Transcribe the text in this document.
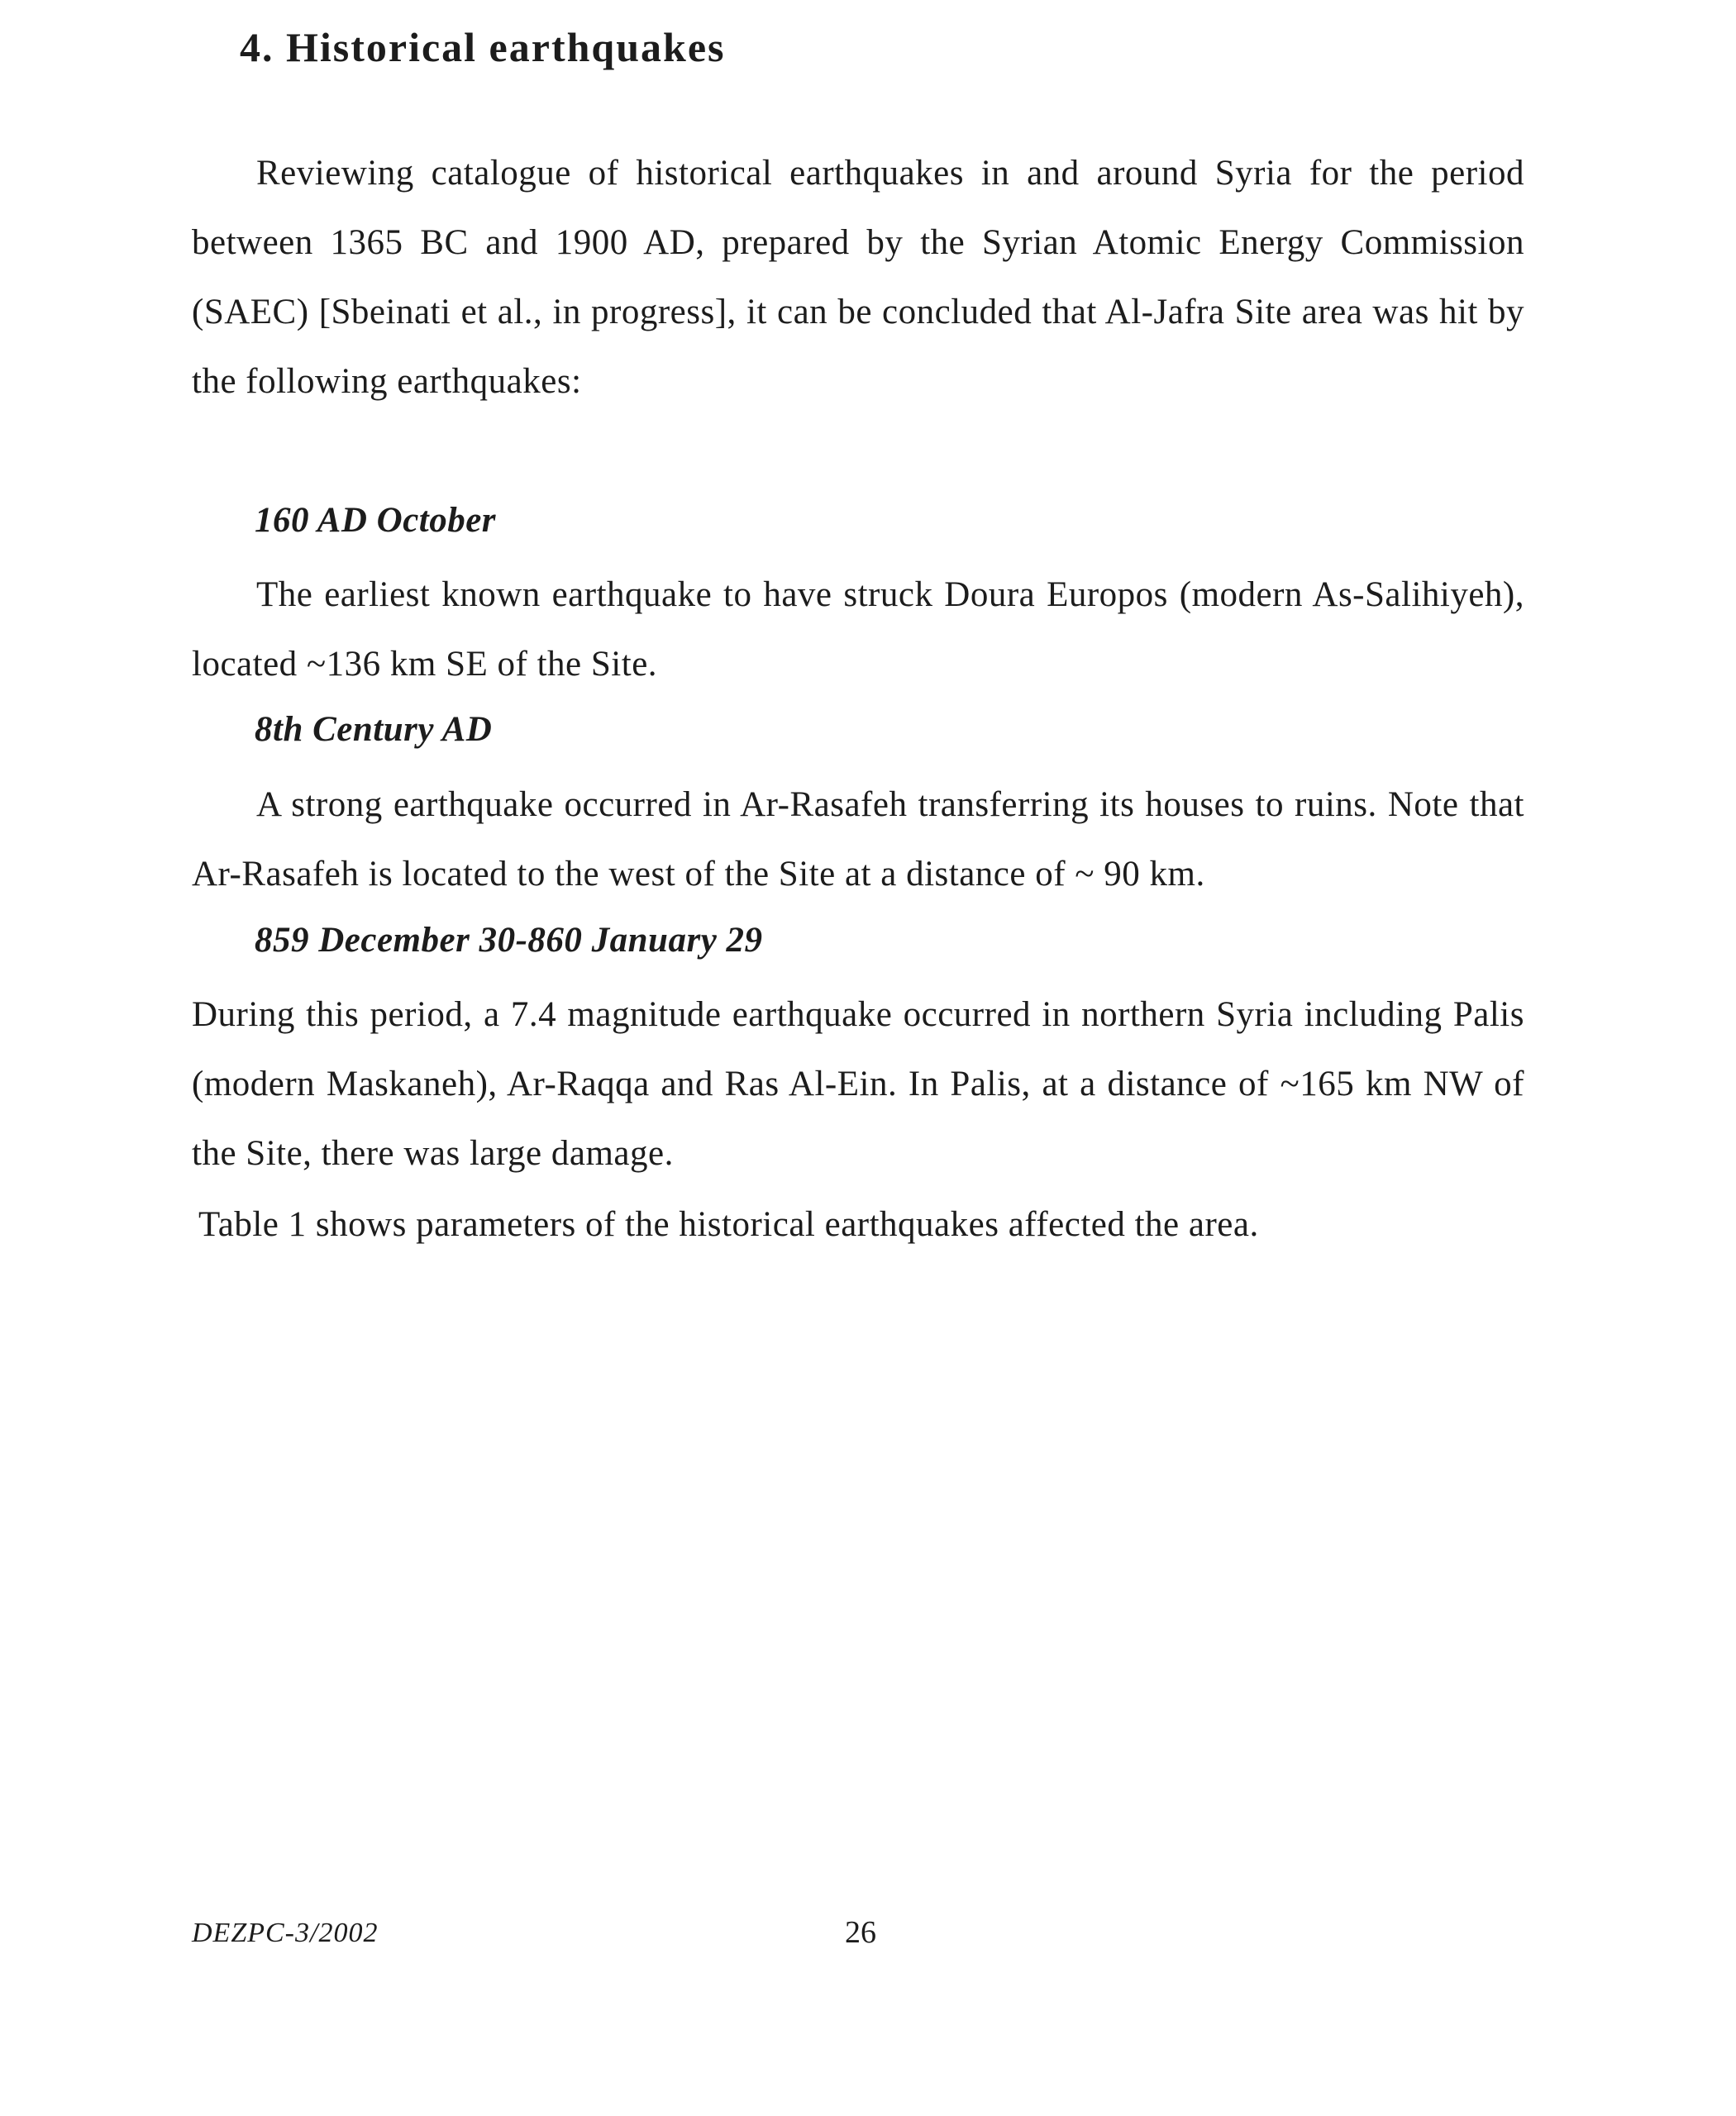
4. Historical earthquakes

Reviewing catalogue of historical earthquakes in and around Syria for the period between 1365 BC and 1900 AD, prepared by the Syrian Atomic Energy Commission (SAEC) [Sbeinati et al., in progress], it can be concluded that Al-Jafra Site area was hit by the following earthquakes:

160 AD October

The earliest known earthquake to have struck Doura Europos (modern As-Salihiyeh), located ~136 km SE of the Site.

8th Century AD

A strong earthquake occurred in Ar-Rasafeh transferring its houses to ruins. Note that Ar-Rasafeh is located to the west of the Site at a distance of ~ 90 km.

859 December 30-860 January 29

During this period, a 7.4 magnitude earthquake occurred in northern Syria including Palis (modern Maskaneh), Ar-Raqqa and Ras Al-Ein. In Palis, at a distance of ~165 km NW of the Site, there was large damage.

Table 1 shows parameters of the historical earthquakes affected the area.

DEZPC-3/2002	26
